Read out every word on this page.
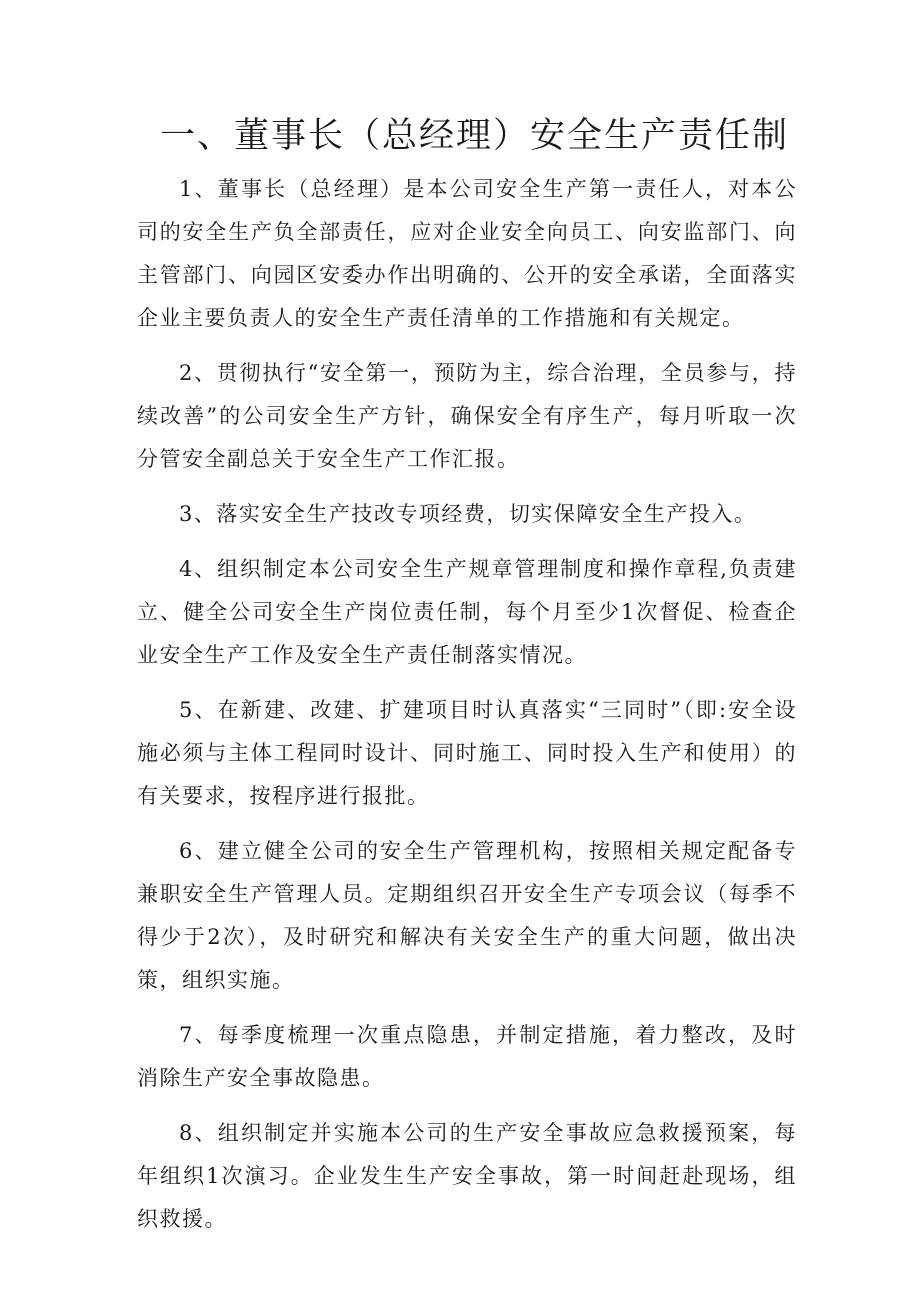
一、董事长（总经理）安全生产责任制

1、董事长（总经理）是本公司安全生产第一责任人，对本公司的安全生产负全部责任，应对企业安全向员工、向安监部门、向主管部门、向园区安委办作出明确的、公开的安全承诺，全面落实企业主要负责人的安全生产责任清单的工作措施和有关规定。

2、贯彻执行“安全第一，预防为主，综合治理，全员参与，持续改善”的公司安全生产方针，确保安全有序生产，每月听取一次分管安全副总关于安全生产工作汇报。

3、落实安全生产技改专项经费，切实保障安全生产投入。

4、组织制定本公司安全生产规章管理制度和操作章程,负责建立、健全公司安全生产岗位责任制，每个月至少1次督促、检查企业安全生产工作及安全生产责任制落实情况。

5、在新建、改建、扩建项目时认真落实“三同时”（即:安全设施必须与主体工程同时设计、同时施工、同时投入生产和使用）的有关要求，按程序进行报批。

6、建立健全公司的安全生产管理机构，按照相关规定配备专兼职安全生产管理人员。定期组织召开安全生产专项会议（每季不得少于2次），及时研究和解决有关安全生产的重大问题，做出决策，组织实施。

7、每季度梳理一次重点隐患，并制定措施，着力整改，及时消除生产安全事故隐患。

8、组织制定并实施本公司的生产安全事故应急救援预案，每年组织1次演习。企业发生生产安全事故，第一时间赶赴现场，组织救援。
